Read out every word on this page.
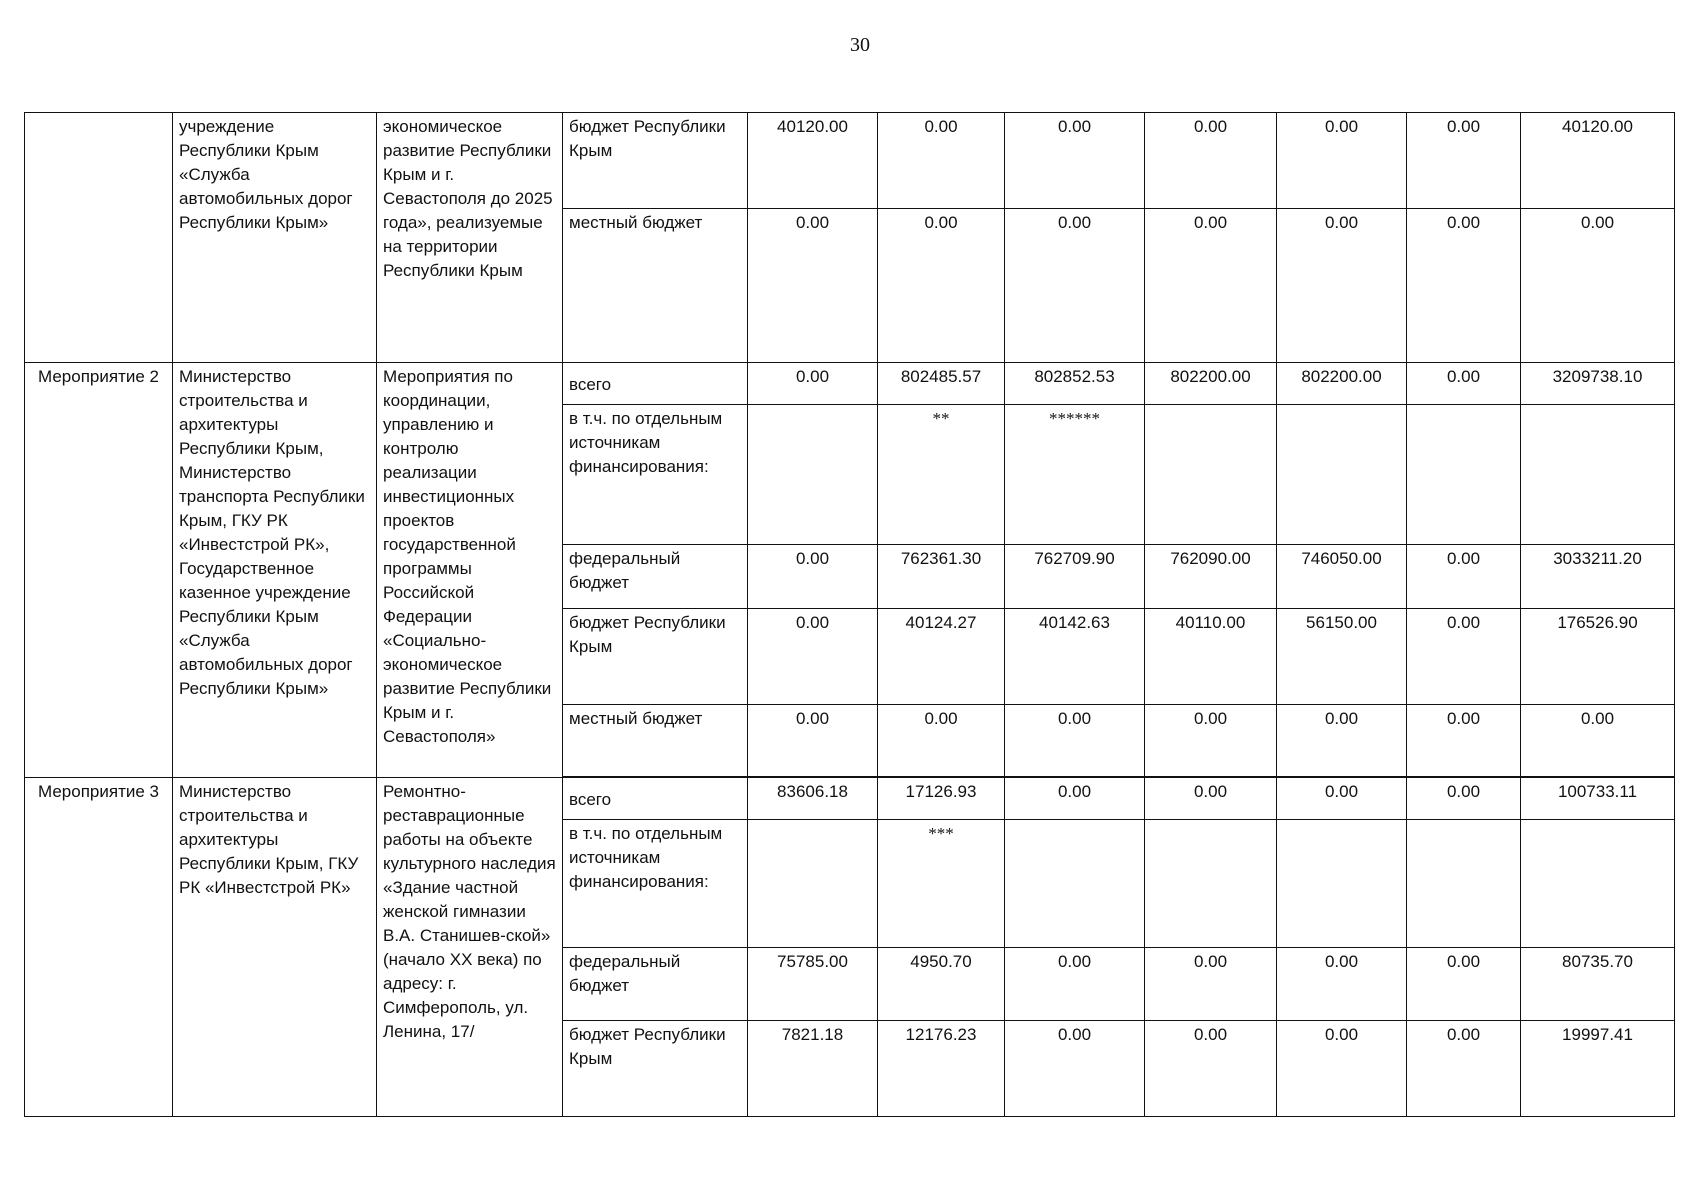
30
	учреждение Республики Крым «Служба автомобильных дорог Республики Крым»	экономическое развитие Республики Крым и г. Севастополя до 2025 года», реализуемые на территории Республики Крым	бюджет Республики Крым	40120.00	0.00	0.00	0.00	0.00	0.00	40120.00
			местный бюджет	0.00	0.00	0.00	0.00	0.00	0.00	0.00
Мероприятие 2	Министерство строительства и архитектуры Республики Крым, Министерство транспорта Республики Крым, ГКУ РК «Инвестстрой РК», Государственное казенное учреждение Республики Крым «Служба автомобильных дорог Республики Крым»	Мероприятия по координации, управлению и контролю реализации инвестиционных проектов государственной программы Российской Федерации «Социально-экономическое развитие Республики Крым и г. Севастополя»	всего	0.00	802485.57	802852.53	802200.00	802200.00	0.00	3209738.10
			в т.ч. по отдельным источникам финансирования:		**	******				

			федеральный бюджет	0.00	762361.30	762709.90	762090.00	746050.00	0.00	3033211.20
			бюджет Республики Крым	0.00	40124.27	40142.63	40110.00	56150.00	0.00	176526.90
			местный бюджет	0.00	0.00	0.00	0.00	0.00	0.00	0.00

Мероприятие 3	Министерство строительства и архитектуры Республики Крым, ГКУ РК «Инвестстрой РК»	Ремонтно-реставрационные работы на объекте культурного наследия «Здание частной женской гимназии В.А. Станишев-ской» (начало XX века) по адресу: г. Симферополь, ул. Ленина, 17/	всего	83606.18	17126.93	0.00	0.00	0.00	0.00	100733.11
			в т.ч. по отдельным источникам финансирования:		***					

			федеральный бюджет	75785.00	4950.70	0.00	0.00	0.00	0.00	80735.70
			бюджет Республики Крым	7821.18	12176.23	0.00	0.00	0.00	0.00	19997.41
